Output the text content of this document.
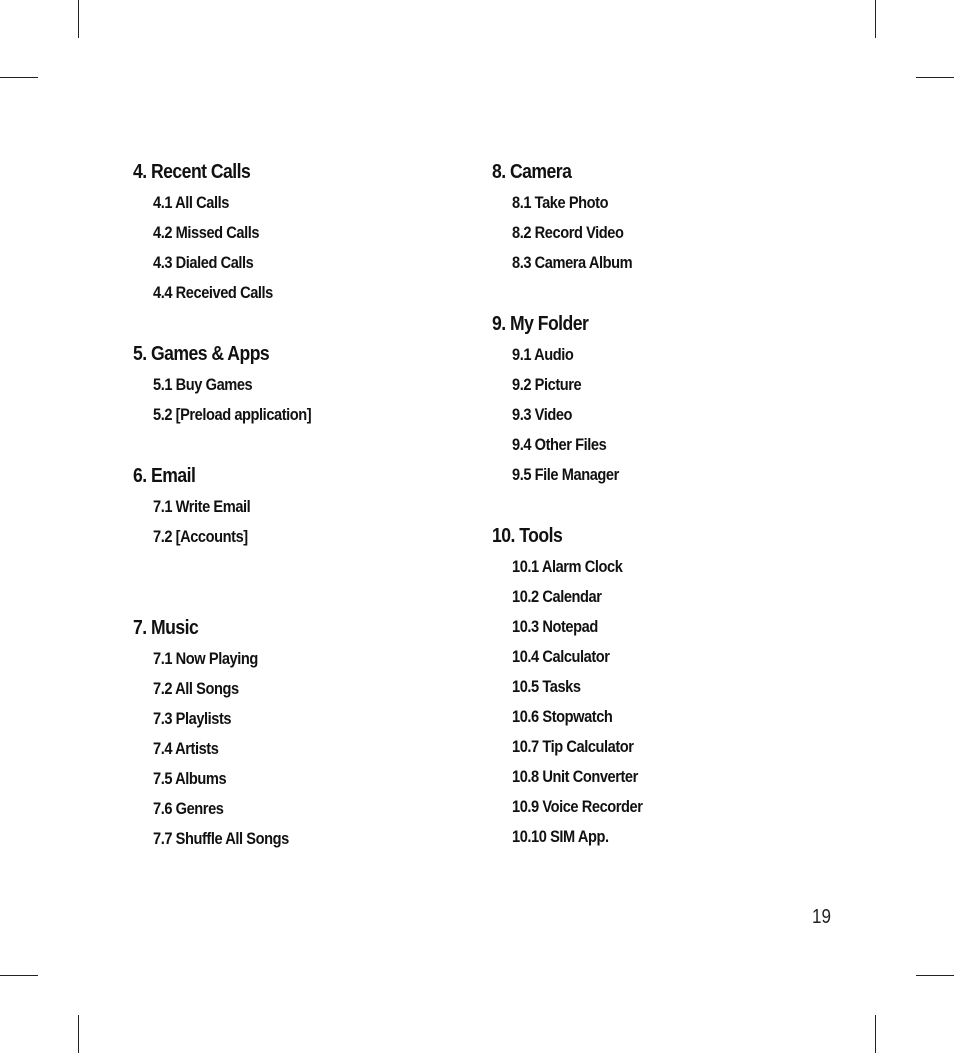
4. Recent Calls
4.1 All Calls
4.2 Missed Calls
4.3 Dialed Calls
4.4 Received Calls
5. Games & Apps
5.1 Buy Games
5.2 [Preload application]
6. Email
7.1 Write Email
7.2 [Accounts]
7. Music
7.1 Now Playing
7.2 All Songs
7.3 Playlists
7.4 Artists
7.5 Albums
7.6 Genres
7.7 Shuffle All Songs
8. Camera
8.1 Take Photo
8.2 Record Video
8.3 Camera Album
9. My Folder
9.1 Audio
9.2 Picture
9.3 Video
9.4 Other Files
9.5 File Manager
10. Tools
10.1 Alarm Clock
10.2 Calendar
10.3 Notepad
10.4 Calculator
10.5 Tasks
10.6 Stopwatch
10.7 Tip Calculator
10.8 Unit Converter
10.9 Voice Recorder
10.10 SIM App.
19
